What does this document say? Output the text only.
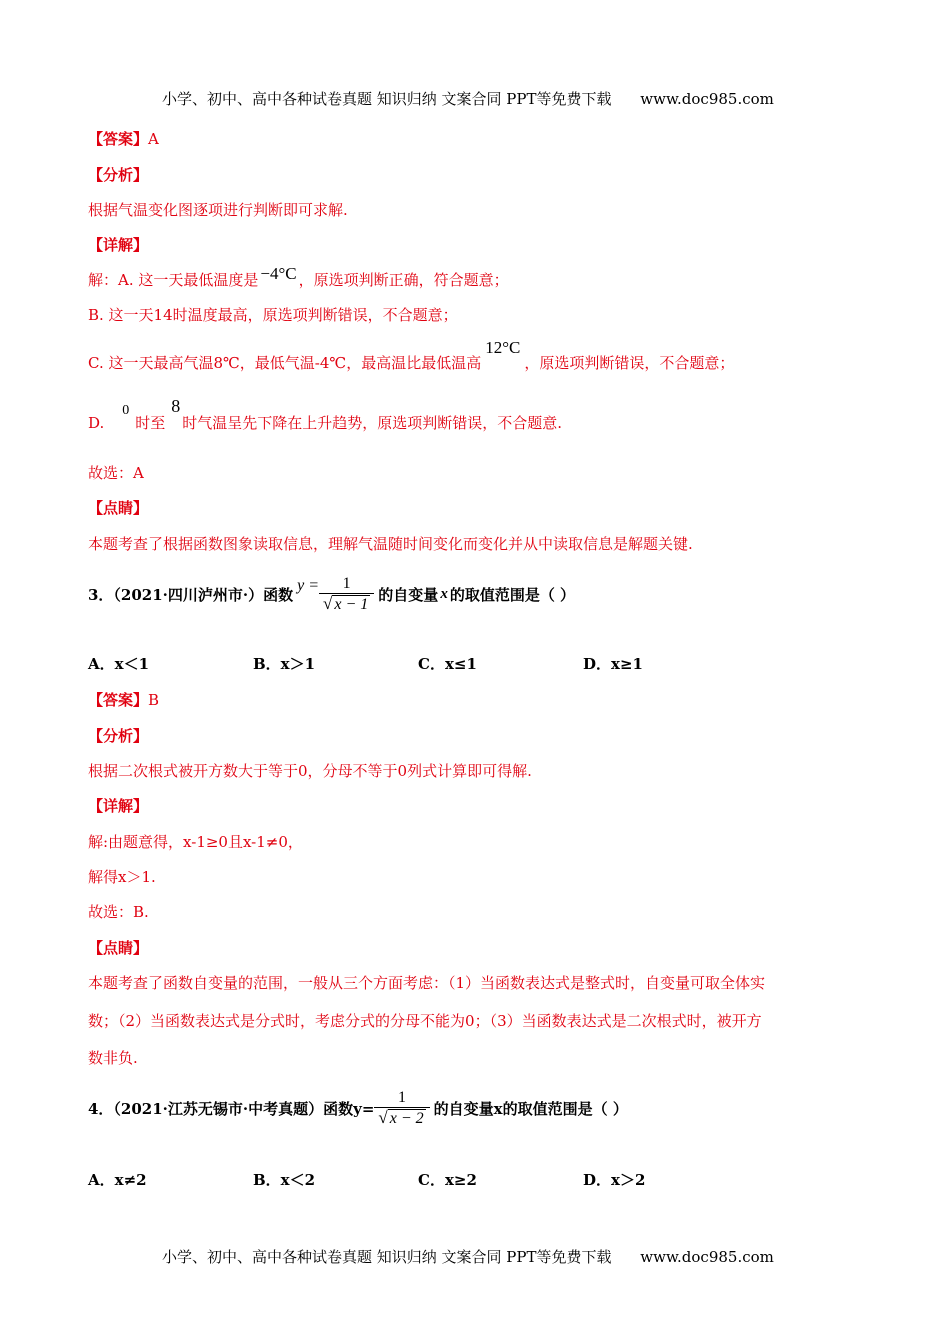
小学、初中、高中各种试卷真题 知识归纳 文案合同 PPT等免费下载 www.doc985.com
【答案】A
【分析】
根据气温变化图逐项进行判断即可求解.
【详解】
解：A. 这一天最低温度是 −4°C ，原选项判断正确，符合题意；
B. 这一天14时温度最高，原选项判断错误，不合题意；
C. 这一天最高气温8℃，最低气温-4℃，最高温比最低温高12°C，原选项判断错误，不合题意；
D.0时至8时气温呈先下降在上升趋势，原选项判断错误，不合题意.
故选：A
【点睛】
本题考查了根据函数图象读取信息，理解气温随时间变化而变化并从中读取信息是解题关键.
3．（2021·四川泸州市·）函数 $y = \frac{1}{√ x - 1}$ 的自变量 x 的取值范围是（ ）
A．x＜1	B．x＞1	C．x≤1	D．x≥1
【答案】B
【分析】
根据二次根式被开方数大于等于0，分母不等于0列式计算即可得解.
【详解】
解:由题意得，x-1≥0且x-1≠0，
解得x＞1.
故选：B.
【点睛】
本题考查了函数自变量的范围，一般从三个方面考虑：（1）当函数表达式是整式时，自变量可取全体实
数；（2）当函数表达式是分式时，考虑分式的分母不能为0；（3）当函数表达式是二次根式时，被开方
数非负.
4．（2021·江苏无锡市·中考真题）函数$y= \frac{1}{√ x - 2}$ 的自变量x的取值范围是（ ）
A．x≠2	B．x＜2	C．x≥2	D．x＞2
小学、初中、高中各种试卷真题 知识归纳 文案合同 PPT等免费下载 www.doc985.com
